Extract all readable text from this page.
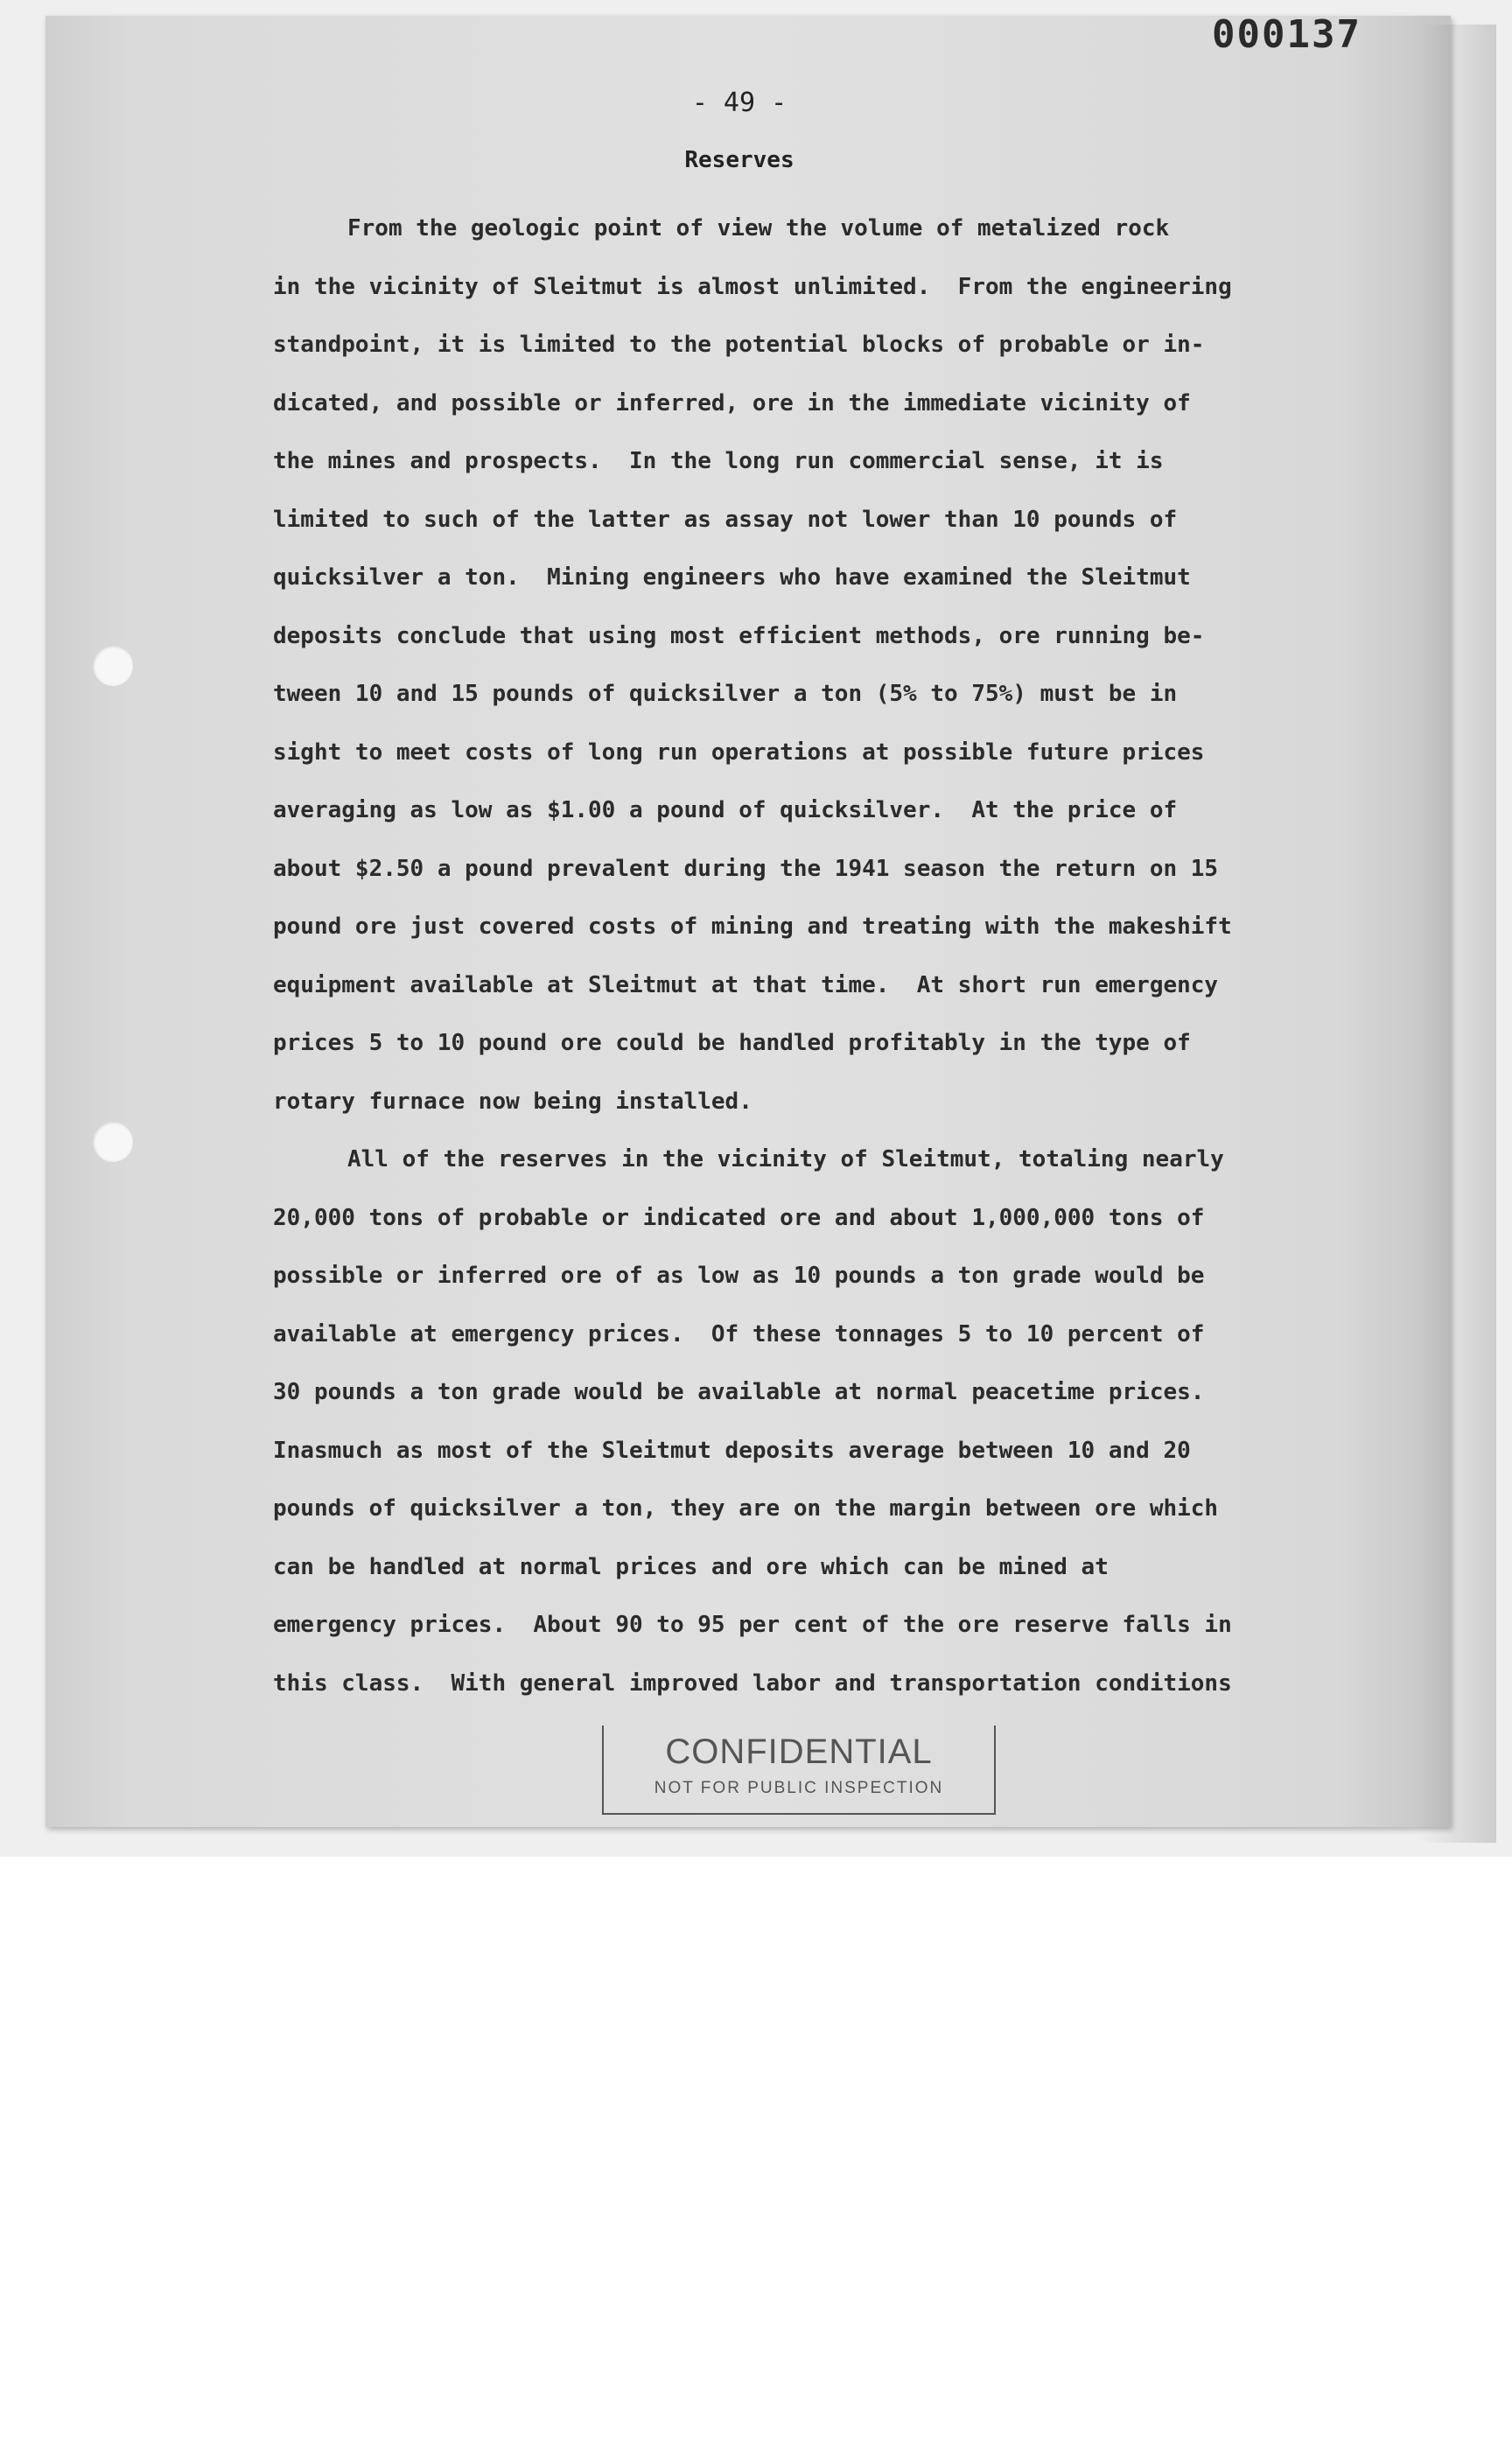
000137
- 49 -
Reserves
From the geologic point of view the volume of metalized rock
in the vicinity of Sleitmut is almost unlimited.  From the engineering
standpoint, it is limited to the potential blocks of probable or in-
dicated, and possible or inferred, ore in the immediate vicinity of
the mines and prospects.  In the long run commercial sense, it is
limited to such of the latter as assay not lower than 10 pounds of
quicksilver a ton.  Mining engineers who have examined the Sleitmut
deposits conclude that using most efficient methods, ore running be-
tween 10 and 15 pounds of quicksilver a ton (5% to 75%) must be in
sight to meet costs of long run operations at possible future prices
averaging as low as $1.00 a pound of quicksilver.  At the price of
about $2.50 a pound prevalent during the 1941 season the return on 15
pound ore just covered costs of mining and treating with the makeshift
equipment available at Sleitmut at that time.  At short run emergency
prices 5 to 10 pound ore could be handled profitably in the type of
rotary furnace now being installed.
All of the reserves in the vicinity of Sleitmut, totaling nearly
20,000 tons of probable or indicated ore and about 1,000,000 tons of
possible or inferred ore of as low as 10 pounds a ton grade would be
available at emergency prices.  Of these tonnages 5 to 10 percent of
30 pounds a ton grade would be available at normal peacetime prices.
Inasmuch as most of the Sleitmut deposits average between 10 and 20
pounds of quicksilver a ton, they are on the margin between ore which
can be handled at normal prices and ore which can be mined at
emergency prices.  About 90 to 95 per cent of the ore reserve falls in
this class.  With general improved labor and transportation conditions
CONFIDENTIAL
NOT FOR PUBLIC INSPECTION
